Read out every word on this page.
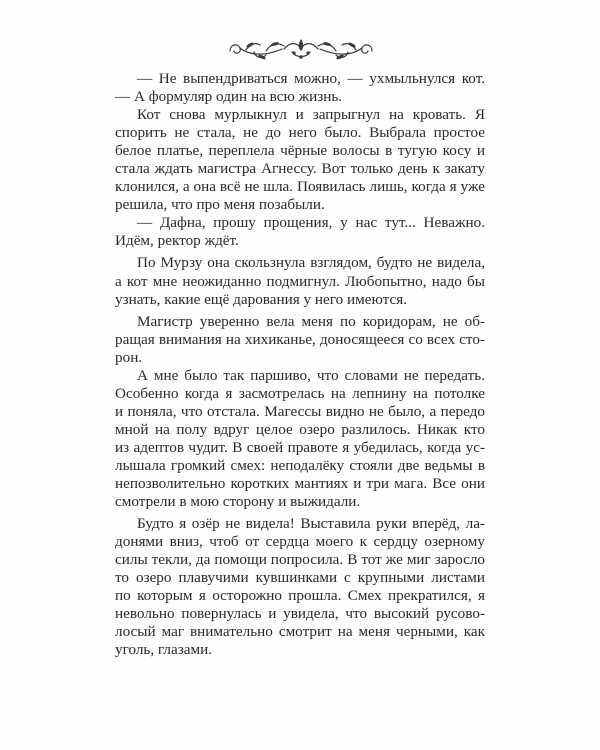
— Не выпендриваться можно, — ухмыльнулся кот.
— А формуляр один на всю жизнь.

Кот снова мурлыкнул и запрыгнул на кровать. Я
спорить не стала, не до него было. Выбрала простое
белое платье, переплела чёрные волосы в тугую косу и
стала ждать магистра Агнессу. Вот только день к закату
клонился, а она всё не шла. Появилась лишь, когда я уже
решила, что про меня позабыли.

— Дафна, прошу прощения, у нас тут... Неважно.
Идём, ректор ждёт.

По Мурзу она скользнула взглядом, будто не видела,
а кот мне неожиданно подмигнул. Любопытно, надо бы
узнать, какие ещё дарования у него имеются.

Магистр уверенно вела меня по коридорам, не об-
ращая внимания на хихиканье, доносящееся со всех сто-
рон.

А мне было так паршиво, что словами не передать.
Особенно когда я засмотрелась на лепнину на потолке
и поняла, что отстала. Магессы видно не было, а передо
мной на полу вдруг целое озеро разлилось. Никак кто
из адептов чудит. В своей правоте я убедилась, когда ус-
лышала громкий смех: неподалёку стояли две ведьмы в
непозволительно коротких мантиях и три мага. Все они
смотрели в мою сторону и выжидали.

Будто я озёр не видела! Выставила руки вперёд, ла-
донями вниз, чтоб от сердца моего к сердцу озерному
силы текли, да помощи попросила. В тот же миг заросло
то озеро плавучими кувшинками с крупными листами
по которым я осторожно прошла. Смех прекратился, я
невольно повернулась и увидела, что высокий русово-
лосый маг внимательно смотрит на меня черными, как
уголь, глазами.
